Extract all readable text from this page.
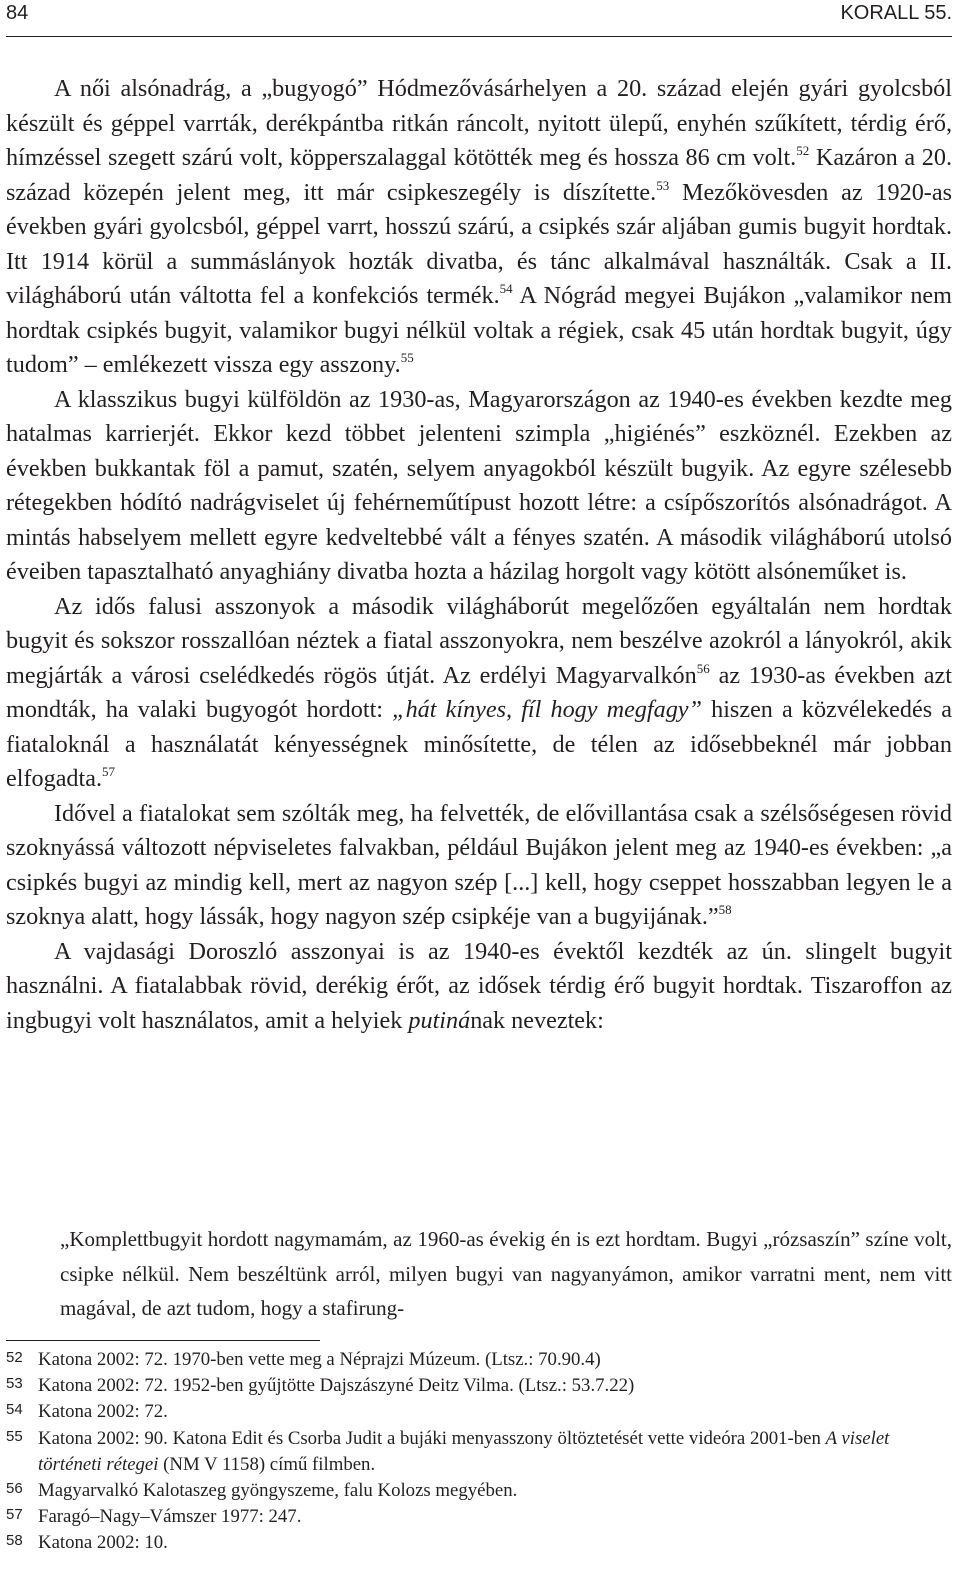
84	KORALL 55.

A női alsónadrág, a „bugyogó” Hódmezővásárhelyen a 20. század elején gyári gyolcsból készült és géppel varrták, derékpántba ritkán ráncolt, nyitott ülepű, enyhén szűkített, térdig érő, hímzéssel szegett szárú volt, köpperszalaggal kötötték meg és hossza 86 cm volt.$^{52}$ Kazáron a 20. század közepén jelent meg, itt már csipkeszegély is díszítette.$^{53}$ Mezőkövesden az 1920-as években gyári gyolcsból, géppel varrt, hosszú szárú, a csipkés szár aljában gumis bugyit hordtak. Itt 1914 körül a summáslányok hozták divatba, és tánc alkalmával használták. Csak a II. világháború után váltotta fel a konfekciós termék.$^{54}$ A Nógrád megyei Bujákon „valamikor nem hordtak csipkés bugyit, valamikor bugyi nélkül voltak a régiek, csak 45 után hordtak bugyit, úgy tudom” – emlékezett vissza egy asszony.$^{55}$

A klasszikus bugyi külföldön az 1930-as, Magyarországon az 1940-es években kezdte meg hatalmas karrierjét. Ekkor kezd többet jelenteni szimpla „higiénés” eszköznél. Ezekben az években bukkantak föl a pamut, szatén, selyem anyagokból készült bugyik. Az egyre szélesebb rétegekben hódító nadrágviselet új fehérneműtípust hozott létre: a csípőszorítós alsónadrágot. A mintás habselyem mellett egyre kedveltebbé vált a fényes szatén. A második világháború utolsó éveiben tapasztalható anyaghiány divatba hozta a házilag horgolt vagy kötött alsóneműket is.

Az idős falusi asszonyok a második világháborút megelőzően egyáltalán nem hordtak bugyit és sokszor rosszallóan néztek a fiatal asszonyokra, nem beszélve azokról a lányokról, akik megjárták a városi cselédkedés rögös útját. Az erdélyi Magyarvalkón$^{56}$ az 1930-as években azt mondták, ha valaki bugyogót hordott: „hát kínyes, fíl hogy megfagy” hiszen a közvélekedés a fiataloknál a használatát kényességnek minősítette, de télen az idősebbeknél már jobban elfogadta.$^{57}$

Idővel a fiatalokat sem szólták meg, ha felvették, de elővillantása csak a szélsőségesen rövid szoknyássá változott népviseletes falvakban, például Bujákon jelent meg az 1940-es években: „a csipkés bugyi az mindig kell, mert az nagyon szép [...] kell, hogy cseppet hosszabban legyen le a szoknya alatt, hogy lássák, hogy nagyon szép csipkéje van a bugyijának.”$^{58}$

A vajdasági Doroszló asszonyai is az 1940-es évektől kezdték az ún. slingelt bugyit használni. A fiatalabbak rövid, derékig érőt, az idősek térdig érő bugyit hordtak. Tiszaroffon az ingbugyi volt használatos, amit a helyiek putinának neveztek:

„Komplettbugyit hordott nagymamám, az 1960-as évekig én is ezt hordtam. Bugyi „rózsaszín” színe volt, csipke nélkül. Nem beszéltünk arról, milyen bugyi van nagyanyámon, amikor varratni ment, nem vitt magával, de azt tudom, hogy a stafirung-

52 Katona 2002: 72. 1970-ben vette meg a Néprajzi Múzeum. (Ltsz.: 70.90.4)
53 Katona 2002: 72. 1952-ben gyűjtötte Dajszászyné Deitz Vilma. (Ltsz.: 53.7.22)
54 Katona 2002: 72.
55 Katona 2002: 90. Katona Edit és Csorba Judit a bujáki menyasszony öltöztetését vette videóra 2001-ben A viselet történeti rétegei (NM V 1158) című filmben.
56 Magyarvalkó Kalotaszeg gyöngyszeme, falu Kolozs megyében.
57 Faragó–Nagy–Vámszer 1977: 247.
58 Katona 2002: 10.
